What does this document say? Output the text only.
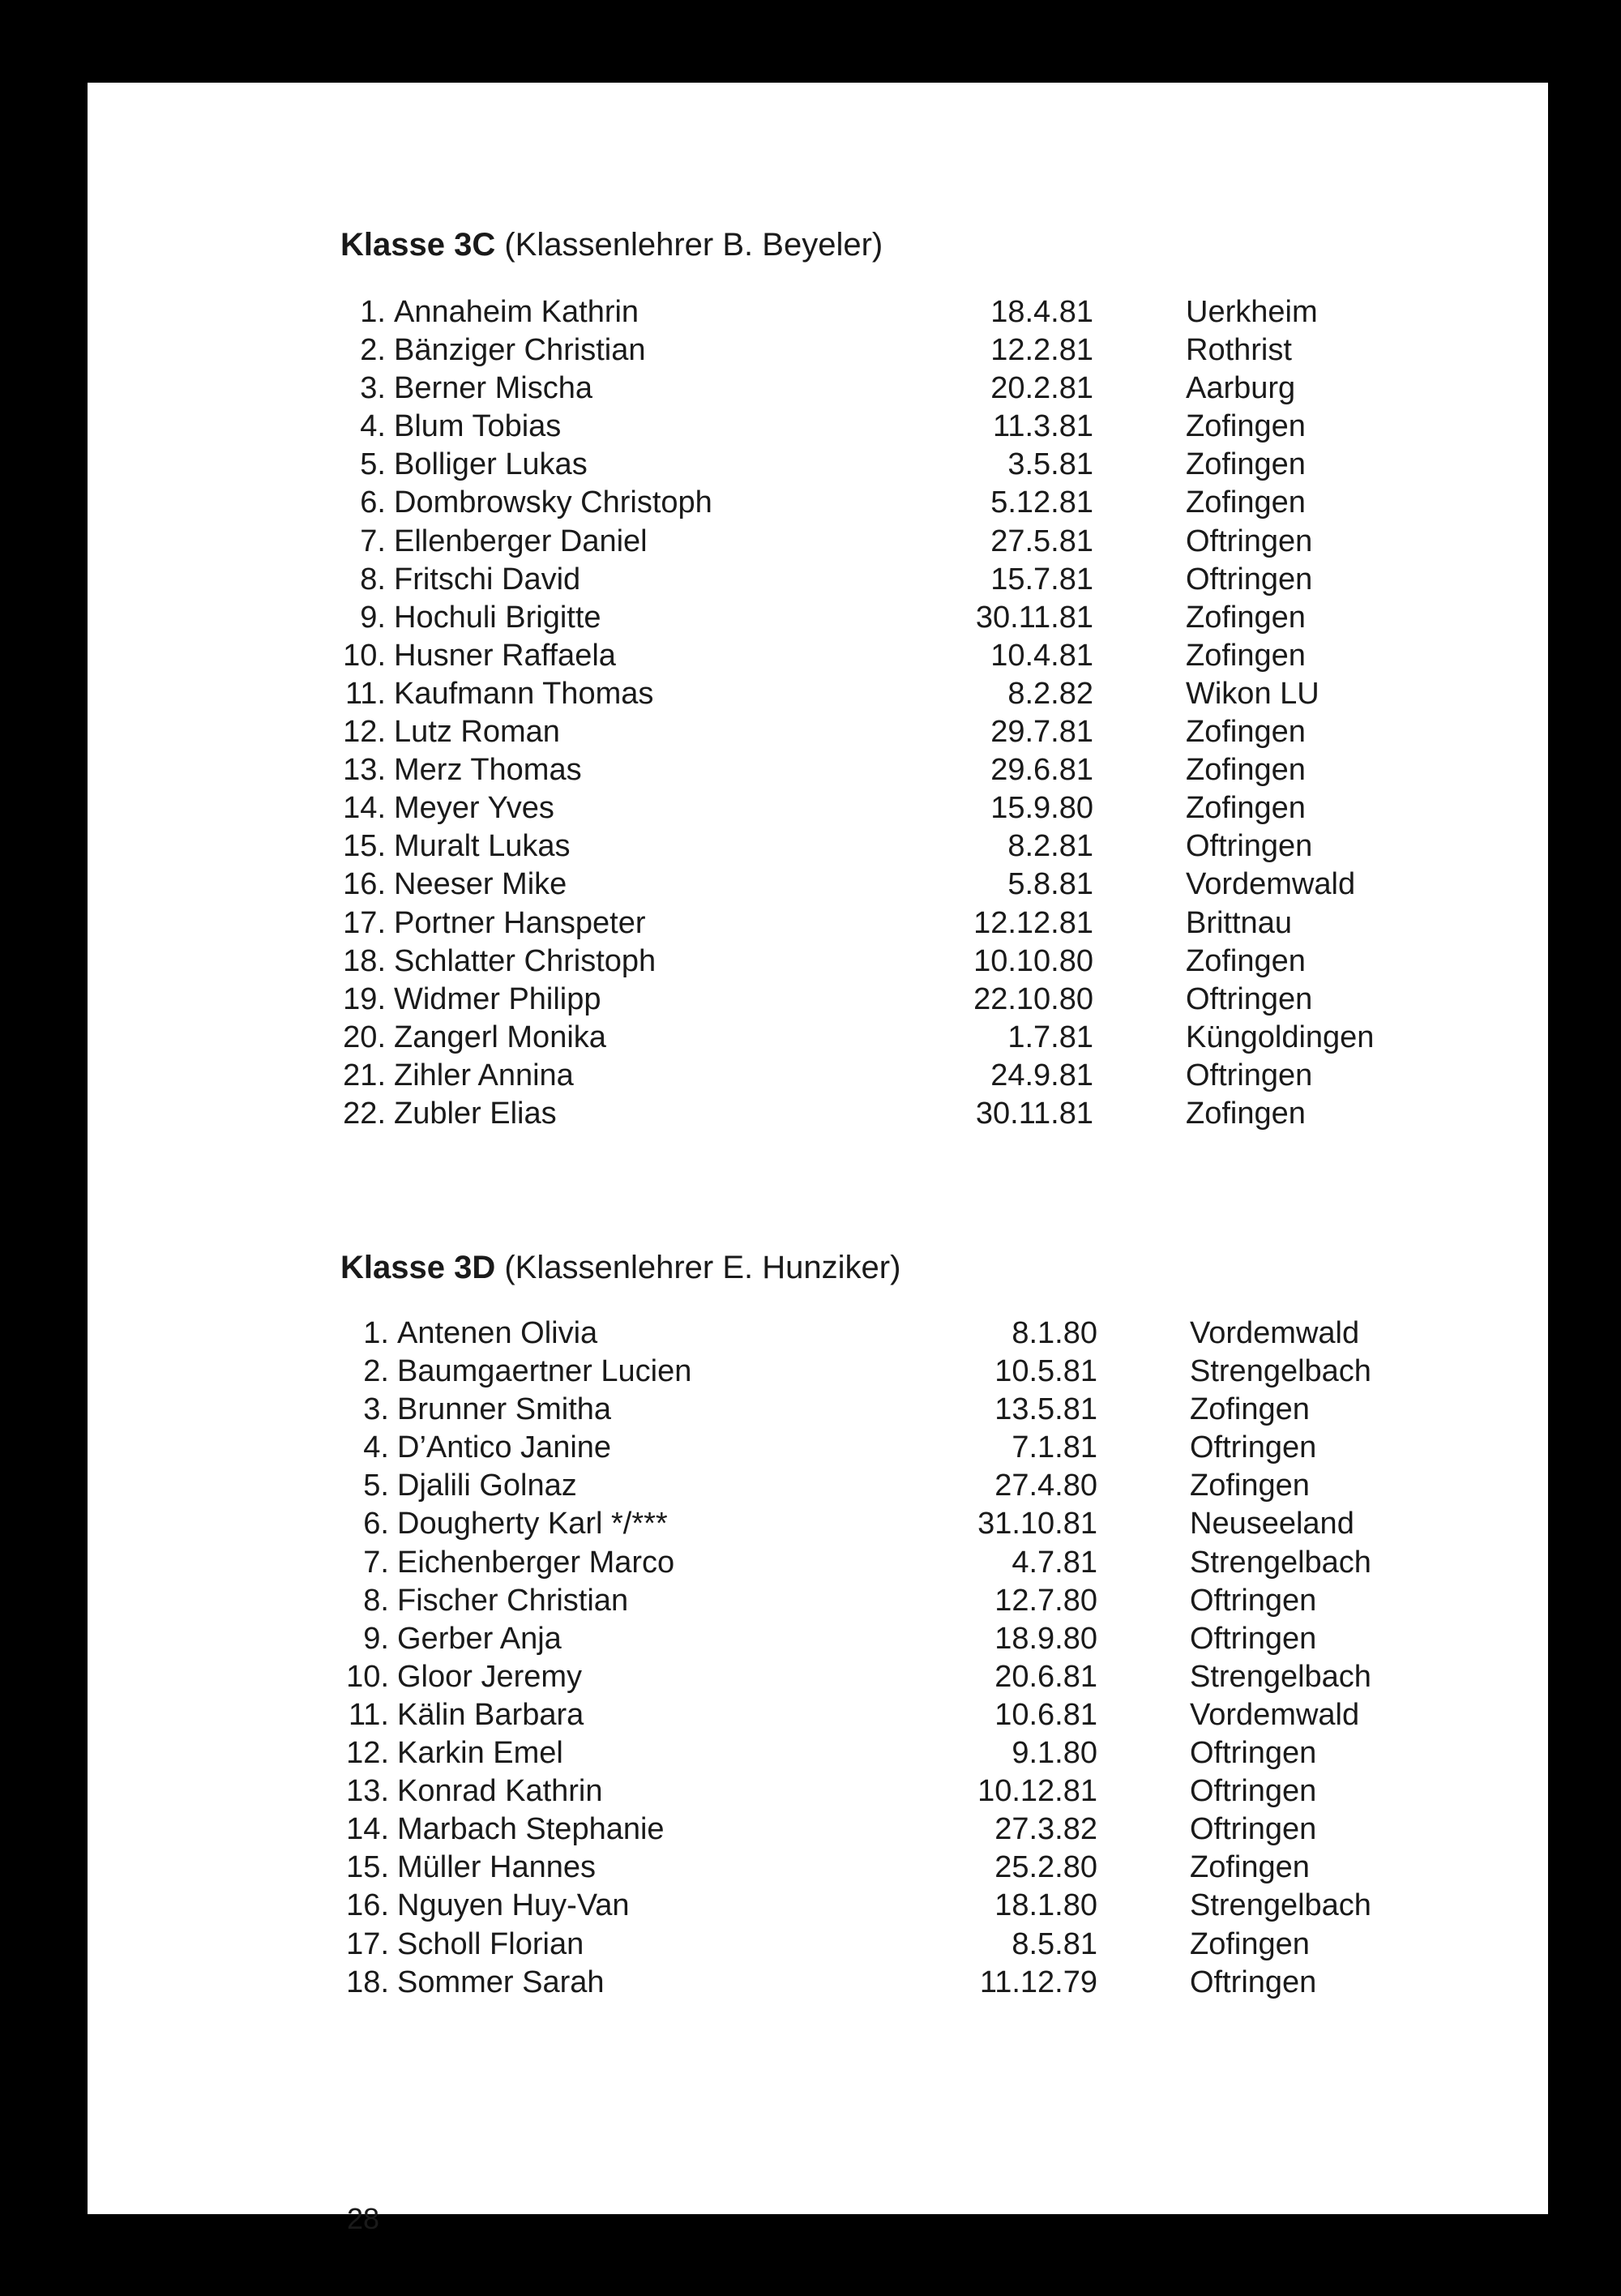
Klasse 3C (Klassenlehrer B. Beyeler)
1. Annaheim Kathrin	18.4.81	Uerkheim
2. Bänziger Christian	12.2.81	Rothrist
3. Berner Mischa	20.2.81	Aarburg
4. Blum Tobias	11.3.81	Zofingen
5. Bolliger Lukas	3.5.81	Zofingen
6. Dombrowsky Christoph	5.12.81	Zofingen
7. Ellenberger Daniel	27.5.81	Oftringen
8. Fritschi David	15.7.81	Oftringen
9. Hochuli Brigitte	30.11.81	Zofingen
10. Husner Raffaela	10.4.81	Zofingen
11. Kaufmann Thomas	8.2.82	Wikon LU
12. Lutz Roman	29.7.81	Zofingen
13. Merz Thomas	29.6.81	Zofingen
14. Meyer Yves	15.9.80	Zofingen
15. Muralt Lukas	8.2.81	Oftringen
16. Neeser Mike	5.8.81	Vordemwald
17. Portner Hanspeter	12.12.81	Brittnau
18. Schlatter Christoph	10.10.80	Zofingen
19. Widmer Philipp	22.10.80	Oftringen
20. Zangerl Monika	1.7.81	Küngoldingen
21. Zihler Annina	24.9.81	Oftringen
22. Zubler Elias	30.11.81	Zofingen
Klasse 3D (Klassenlehrer E. Hunziker)
1. Antenen Olivia	8.1.80	Vordemwald
2. Baumgaertner Lucien	10.5.81	Strengelbach
3. Brunner Smitha	13.5.81	Zofingen
4. D’Antico Janine	7.1.81	Oftringen
5. Djalili Golnaz	27.4.80	Zofingen
6. Dougherty Karl */***	31.10.81	Neuseeland
7. Eichenberger Marco	4.7.81	Strengelbach
8. Fischer Christian	12.7.80	Oftringen
9. Gerber Anja	18.9.80	Oftringen
10. Gloor Jeremy	20.6.81	Strengelbach
11. Kälin Barbara	10.6.81	Vordemwald
12. Karkin Emel	9.1.80	Oftringen
13. Konrad Kathrin	10.12.81	Oftringen
14. Marbach Stephanie	27.3.82	Oftringen
15. Müller Hannes	25.2.80	Zofingen
16. Nguyen Huy-Van	18.1.80	Strengelbach
17. Scholl Florian	8.5.81	Zofingen
18. Sommer Sarah	11.12.79	Oftringen
28
